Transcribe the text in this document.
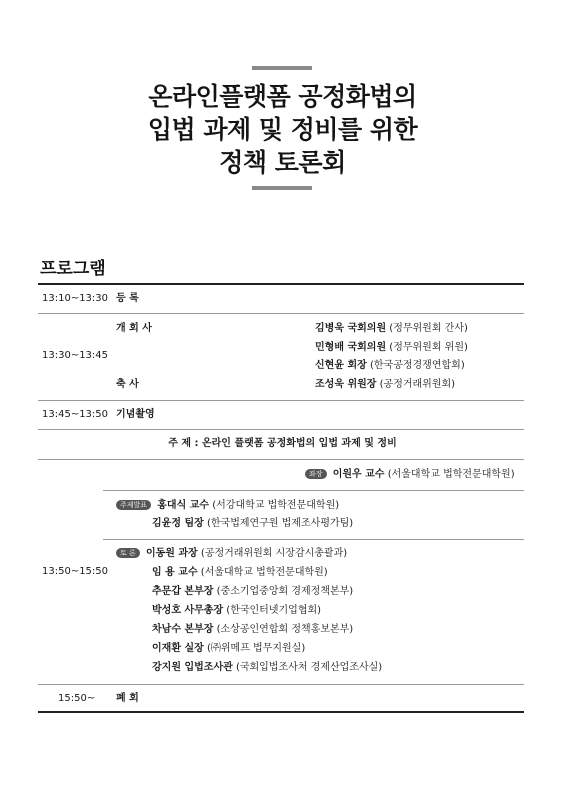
온라인플랫폼 공정화법의
입법 과제 및 정비를 위한
정책 토론회
프로그램
13:10~13:30 등 록
13:30~13:45
개 회 사
축 사
김병욱 국회의원 (정무위원회 간사)
민형배 국회의원 (정무위원회 위원)
신현윤 회장 (한국공정경쟁연합회)
조성욱 위원장 (공정거래위원회)
13:45~13:50 기념촬영
주 제 : 온라인 플랫폼 공정화법의 입법 과제 및 정비
13:50~15:50
좌장 이원우 교수 (서울대학교 법학전문대학원)
주제발표 홍대식 교수 (서강대학교 법학전문대학원)
김윤정 팀장 (한국법제연구원 법제조사평가팀)
토 론 이동원 과장 (공정거래위원회 시장감시총괄과)
임 용 교수 (서울대학교 법학전문대학원)
추문갑 본부장 (중소기업중앙회 경제정책본부)
박성호 사무총장 (한국인터넷기업협회)
차남수 본부장 (소상공인연합회 정책홍보본부)
이재환 실장 (㈜위메프 법무지원실)
강지원 입법조사관 (국회입법조사처 경제산업조사실)
15:50~ 폐 회
